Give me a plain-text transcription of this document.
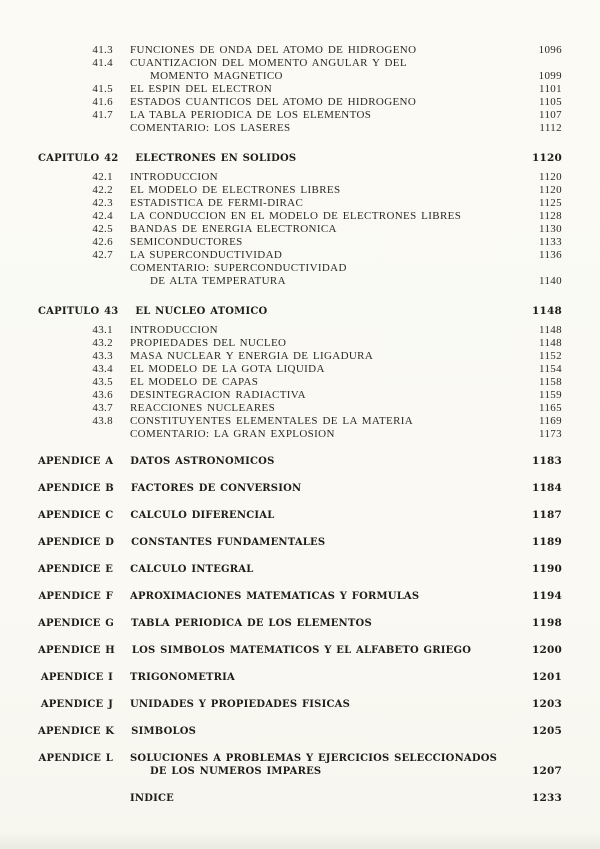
41.3	FUNCIONES DE ONDA DEL ATOMO DE HIDROGENO	1096
41.4 CUANTIZACION DEL MOMENTO ANGULAR Y DEL
MOMENTO MAGNETICO	1099
41.5	EL ESPIN DEL ELECTRON	1101
41.6	ESTADOS CUANTICOS DEL ATOMO DE HIDROGENO	1105
41.7	LA TABLA PERIODICA DE LOS ELEMENTOS	1107
COMENTARIO: LOS LASERES	1112
CAPITULO 42	ELECTRONES EN SOLIDOS	1120
42.1	INTRODUCCION	1120
42.2	EL MODELO DE ELECTRONES LIBRES	1120
42.3	ESTADISTICA DE FERMI-DIRAC	1125
42.4	LA CONDUCCION EN EL MODELO DE ELECTRONES LIBRES	1128
42.5	BANDAS DE ENERGIA ELECTRONICA	1130
42.6	SEMICONDUCTORES	1133
42.7	LA SUPERCONDUCTIVIDAD	1136
COMENTARIO: SUPERCONDUCTIVIDAD
DE ALTA TEMPERATURA	1140
CAPITULO 43	EL NUCLEO ATOMICO	1148
43.1	INTRODUCCION	1148
43.2	PROPIEDADES DEL NUCLEO	1148
43.3	MASA NUCLEAR Y ENERGIA DE LIGADURA	1152
43.4	EL MODELO DE LA GOTA LIQUIDA	1154
43.5	EL MODELO DE CAPAS	1158
43.6	DESINTEGRACION RADIACTIVA	1159
43.7	REACCIONES NUCLEARES	1165
43.8	CONSTITUYENTES ELEMENTALES DE LA MATERIA	1169
COMENTARIO: LA GRAN EXPLOSION	1173
APENDICE A	DATOS ASTRONOMICOS	1183
APENDICE B	FACTORES DE CONVERSION	1184
APENDICE C	CALCULO DIFERENCIAL	1187
APENDICE D	CONSTANTES FUNDAMENTALES	1189
APENDICE E	CALCULO INTEGRAL	1190
APENDICE F	APROXIMACIONES MATEMATICAS Y FORMULAS	1194
APENDICE G	TABLA PERIODICA DE LOS ELEMENTOS	1198
APENDICE H	LOS SIMBOLOS MATEMATICOS Y EL ALFABETO GRIEGO	1200
APENDICE I	TRIGONOMETRIA	1201
APENDICE J	UNIDADES Y PROPIEDADES FISICAS	1203
APENDICE K	SIMBOLOS	1205
APENDICE L SOLUCIONES A PROBLEMAS Y EJERCICIOS SELECCIONADOS
DE LOS NUMEROS IMPARES	1207
INDICE	1233
